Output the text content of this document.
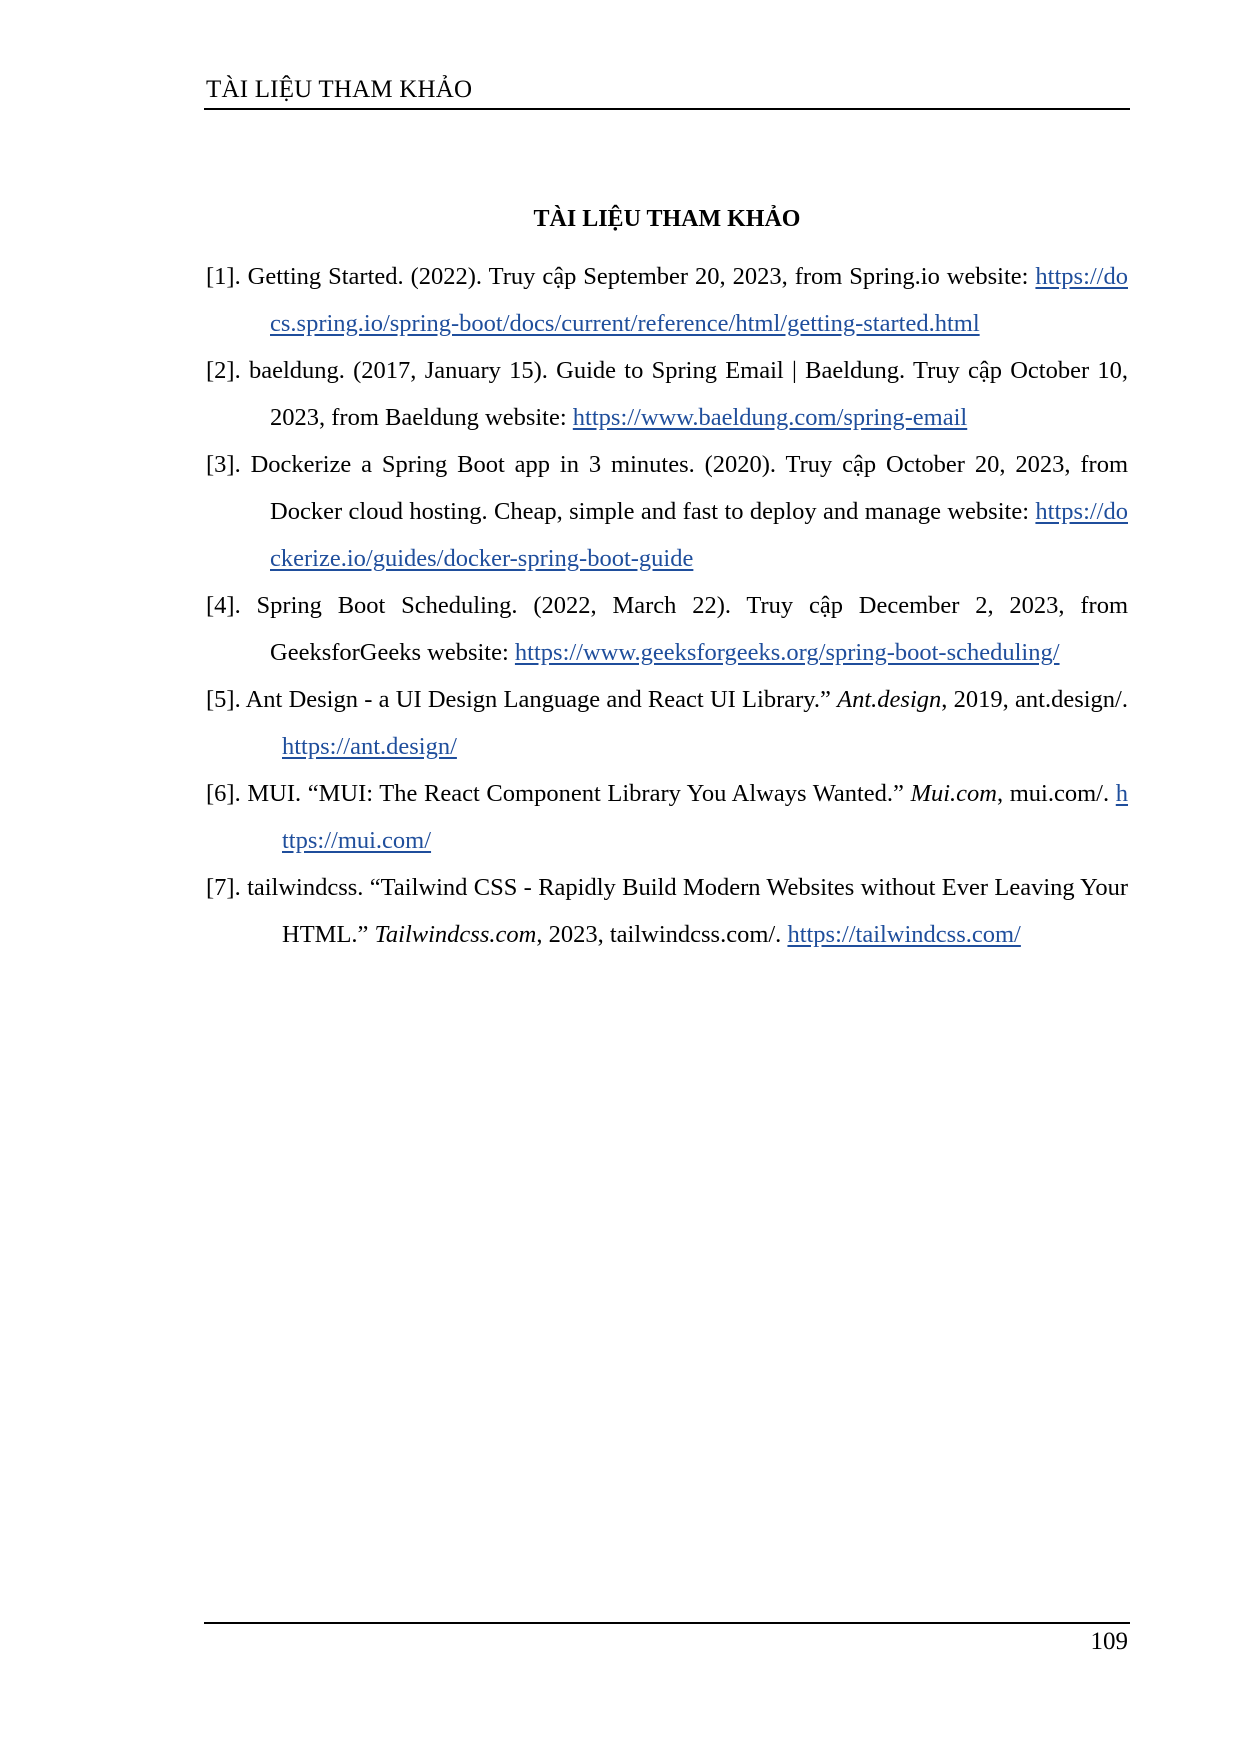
TÀI LIỆU THAM KHẢO
TÀI LIỆU THAM KHẢO
[1]. Getting Started. (2022). Truy cập September 20, 2023, from Spring.io website: https://docs.spring.io/spring-boot/docs/current/reference/html/getting-started.html
[2]. baeldung. (2017, January 15). Guide to Spring Email | Baeldung. Truy cập October 10, 2023, from Baeldung website: https://www.baeldung.com/spring-email
[3]. Dockerize a Spring Boot app in 3 minutes. (2020). Truy cập October 20, 2023, from Docker cloud hosting. Cheap, simple and fast to deploy and manage website: https://dockerize.io/guides/docker-spring-boot-guide
[4]. Spring Boot Scheduling. (2022, March 22). Truy cập December 2, 2023, from GeeksforGeeks website: https://www.geeksforgeeks.org/spring-boot-scheduling/
[5]. Ant Design - a UI Design Language and React UI Library.” Ant.design, 2019, ant.design/. https://ant.design/
[6]. MUI. “MUI: The React Component Library You Always Wanted.” Mui.com, mui.com/. https://mui.com/
[7]. tailwindcss. “Tailwind CSS - Rapidly Build Modern Websites without Ever Leaving Your HTML.” Tailwindcss.com, 2023, tailwindcss.com/. https://tailwindcss.com/
109
